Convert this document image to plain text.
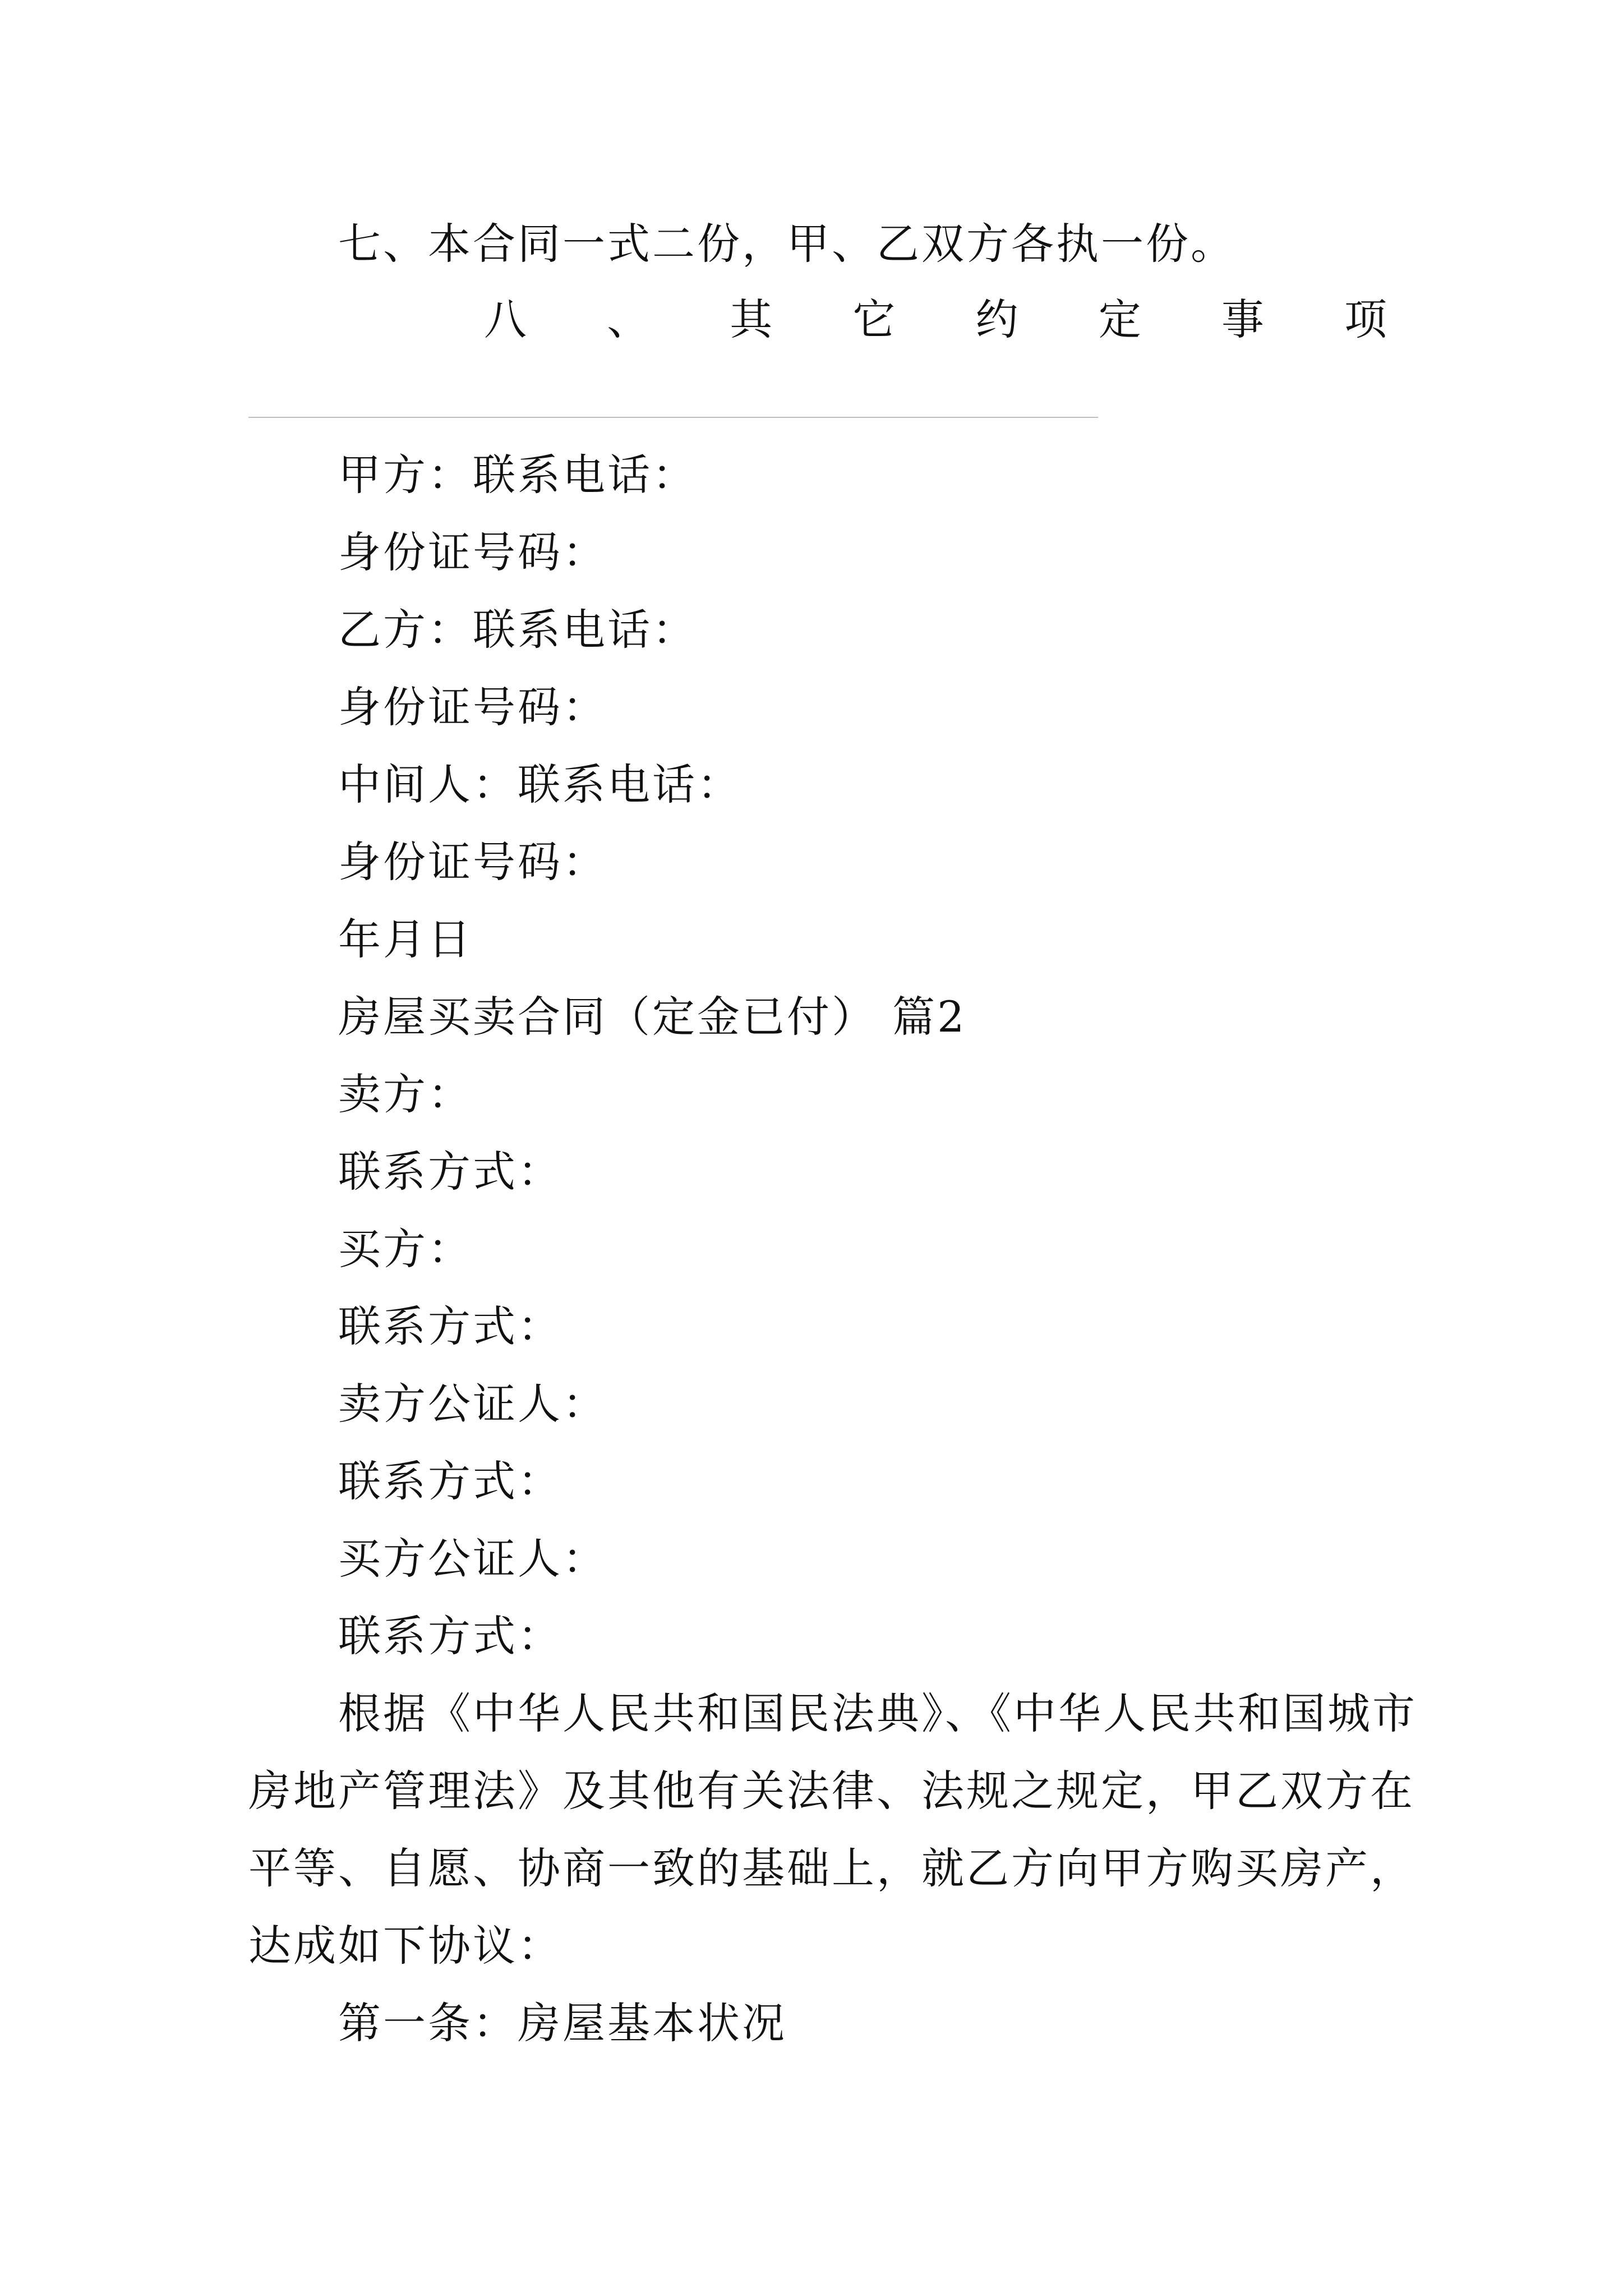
七、本合同一式二份，甲、乙双方各执一份。
八 、 其 它 约 定 事 项
甲方：联系电话：
身份证号码：
乙方：联系电话：
身份证号码：
中间人：联系电话：
身份证号码：
年月日
房屋买卖合同（定金已付） 篇2
卖方：
联系方式：
买方：
联系方式：
卖方公证人：
联系方式：
买方公证人：
联系方式：
根据《中华人民共和国民法典》、《中华人民共和国城市
房地产管理法》及其他有关法律、法规之规定，甲乙双方在
平等、自愿、协商一致的基础上，就乙方向甲方购买房产，
达成如下协议：
第一条：房屋基本状况
